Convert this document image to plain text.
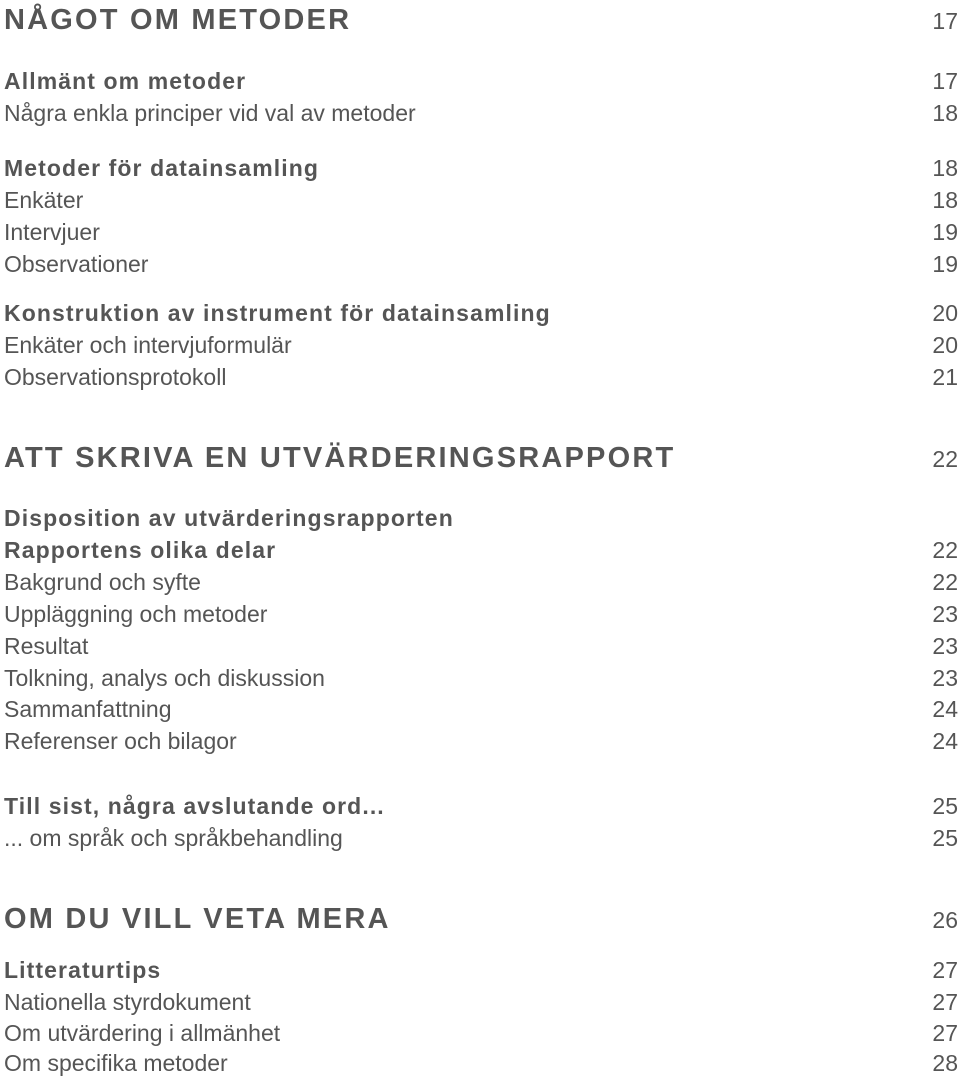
NÅGOT OM METODER	17
Allmänt om metoder	17
Några enkla principer vid val av metoder	18
Metoder för datainsamling	18
Enkäter	18
Intervjuer	19
Observationer	19
Konstruktion av instrument för datainsamling	20
Enkäter och intervjuformulär	20
Observationsprotokoll	21
ATT SKRIVA EN UTVÄRDERINGSRAPPORT	22
Disposition av utvärderingsrapporten
Rapportens olika delar	22
Bakgrund och syfte	22
Uppläggning och metoder	23
Resultat	23
Tolkning, analys och diskussion	23
Sammanfattning	24
Referenser och bilagor	24
Till sist, några avslutande ord...	25
... om språk och språkbehandling	25
OM DU VILL VETA MERA	26
Litteraturtips	27
Nationella styrdokument	27
Om utvärdering i allmänhet	27
Om specifika metoder	28
